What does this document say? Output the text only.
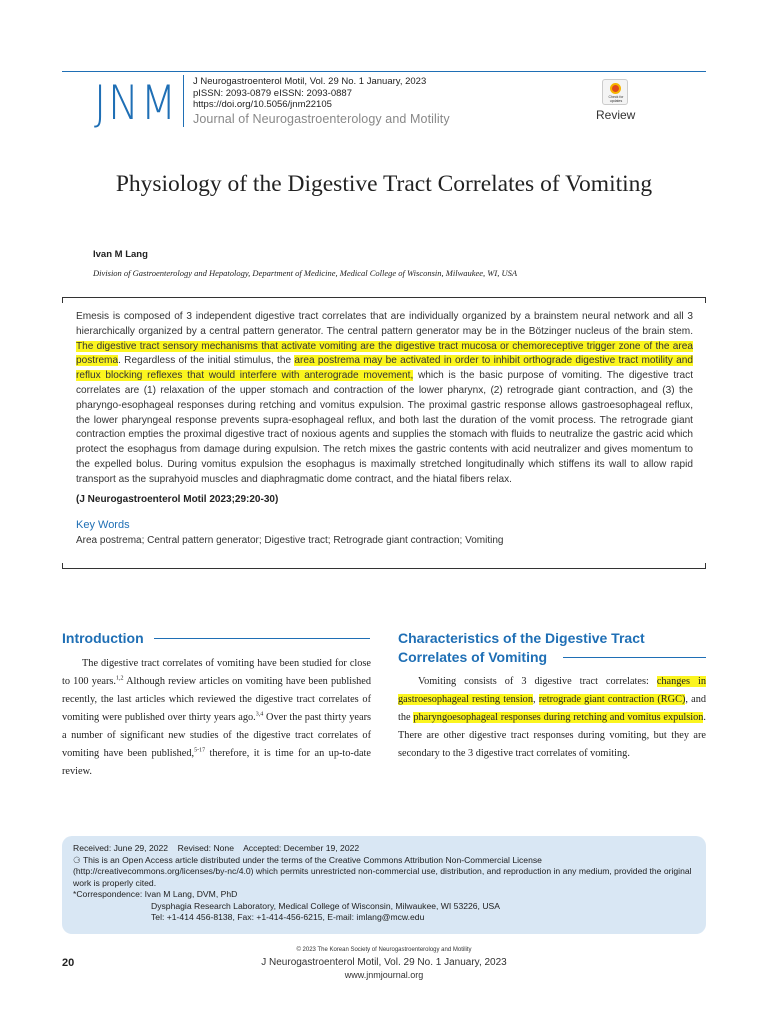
JNM J Neurogastroenterol Motil, Vol. 29 No. 1 January, 2023
pISSN: 2093-0879 eISSN: 2093-0887
https://doi.org/10.5056/jnm22105
Journal of Neurogastroenterology and Motility
Check for updates
Review
Physiology of the Digestive Tract Correlates of Vomiting
Ivan M Lang
Division of Gastroenterology and Hepatology, Department of Medicine, Medical College of Wisconsin, Milwaukee, WI, USA
Emesis is composed of 3 independent digestive tract correlates that are individually organized by a brainstem neural network and all 3 hierarchically organized by a central pattern generator. The central pattern generator may be in the Bötzinger nucleus of the brain stem. The digestive tract sensory mechanisms that activate vomiting are the digestive tract mucosa or chemoreceptive trigger zone of the area postrema. Regardless of the initial stimulus, the area postrema may be activated in order to inhibit orthograde digestive tract motility and reflux blocking reflexes that would interfere with anterograde movement, which is the basic purpose of vomiting. The digestive tract correlates are (1) relaxation of the upper stomach and contraction of the lower pharynx, (2) retrograde giant contraction, and (3) the pharyngo-esophageal responses during retching and vomitus expulsion. The proximal gastric response allows gastroesophageal reflux, the lower pharyngeal response prevents supra-esophageal reflux, and both last the duration of the vomit process. The retrograde giant contraction empties the proximal digestive tract of noxious agents and supplies the stomach with fluids to neutralize the gastric acid which protect the esophagus from damage during expulsion. The retch mixes the gastric contents with acid neutralizer and gives momentum to the expelled bolus. During vomitus expulsion the esophagus is maximally stretched longitudinally which stiffens its wall to allow rapid transport as the suprahyoid muscles and diaphragmatic dome contract, and the hiatal fibers relax.
(J Neurogastroenterol Motil 2023;29:20-30)
Key Words
Area postrema; Central pattern generator; Digestive tract; Retrograde giant contraction; Vomiting
Introduction
The digestive tract correlates of vomiting have been studied for close to 100 years.$^{1,2}$ Although review articles on vomiting have been published recently, the last articles which reviewed the digestive tract correlates of vomiting were published over thirty years ago.$^{3,4}$ Over the past thirty years a number of significant new studies of the digestive tract correlates of vomiting have been published,$^{5-17}$ therefore, it is time for an up-to-date review.
Characteristics of the Digestive Tract
Correlates of Vomiting
Vomiting consists of 3 digestive tract correlates: changes in gastroesophageal resting tension, retrograde giant contraction (RGC), and the pharyngoesophageal responses during retching and vomitus expulsion. There are other digestive tract responses during vomiting, but they are secondary to the 3 digestive tract correlates of vomiting.
Received: June 29, 2022    Revised: None    Accepted: December 19, 2022
⚆ This is an Open Access article distributed under the terms of the Creative Commons Attribution Non-Commercial License (http://creativecommons.org/licenses/by-nc/4.0) which permits unrestricted non-commercial use, distribution, and reproduction in any medium, provided the original work is properly cited.
*Correspondence: Ivan M Lang, DVM, PhD
Dysphagia Research Laboratory, Medical College of Wisconsin, Milwaukee, WI 53226, USA
Tel: +1-414 456-8138, Fax: +1-414-456-6215, E-mail: imlang@mcw.edu
© 2023 The Korean Society of Neurogastroenterology and Motility
J Neurogastroenterol Motil, Vol. 29 No. 1 January, 2023
www.jnmjournal.org
20
